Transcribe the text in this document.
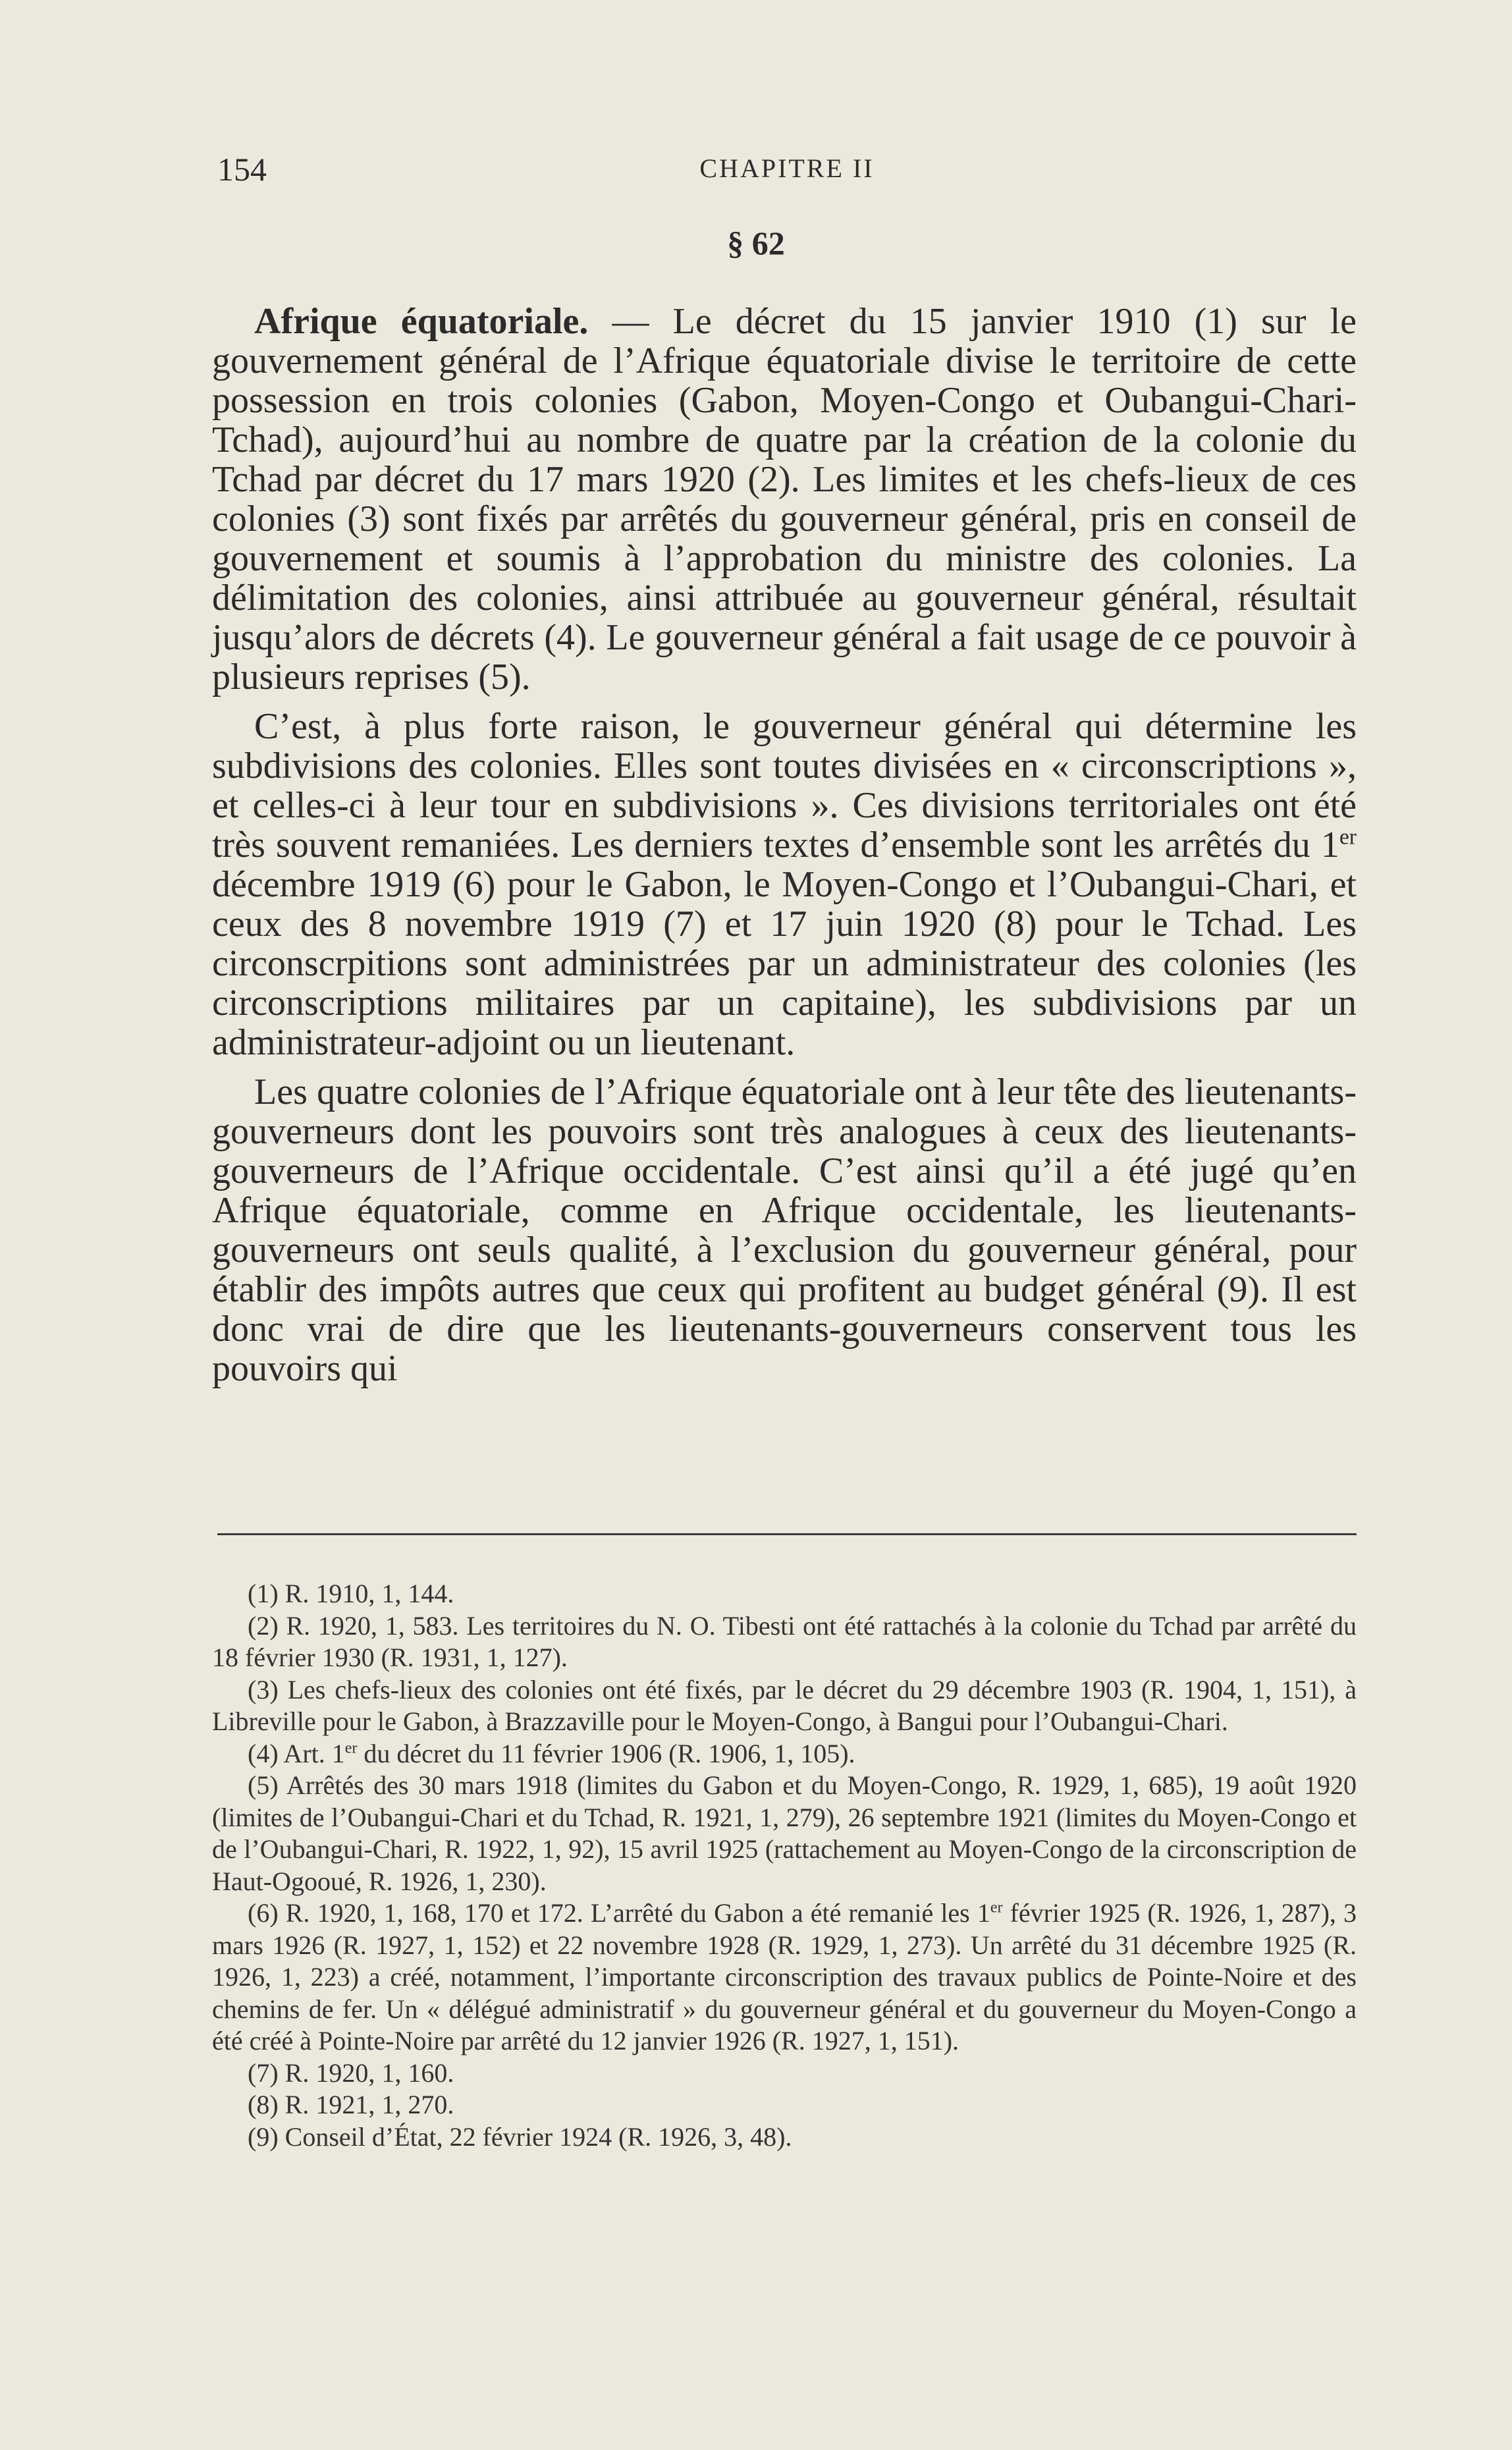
154	CHAPITRE II
§ 62

Afrique équatoriale. — Le décret du 15 janvier 1910 (1) sur le gouvernement général de l’Afrique équatoriale divise le territoire de cette possession en trois colonies (Gabon, Moyen-Congo et Oubangui-Chari-Tchad), aujourd’hui au nombre de quatre par la création de la colonie du Tchad par décret du 17 mars 1920 (2). Les limites et les chefs-lieux de ces colonies (3) sont fixés par arrêtés du gouverneur général, pris en conseil de gouvernement et soumis à l’approbation du ministre des colonies. La délimitation des colonies, ainsi attribuée au gouverneur général, résultait jusqu’alors de décrets (4). Le gouverneur général a fait usage de ce pouvoir à plusieurs reprises (5).

C’est, à plus forte raison, le gouverneur général qui détermine les subdivisions des colonies. Elles sont toutes divisées en « circonscriptions », et celles-ci à leur tour en subdivisions ». Ces divisions territoriales ont été très souvent remaniées. Les derniers textes d’ensemble sont les arrêtés du 1er décembre 1919 (6) pour le Gabon, le Moyen-Congo et l’Oubangui-Chari, et ceux des 8 novembre 1919 (7) et 17 juin 1920 (8) pour le Tchad. Les circonscrpitions sont administrées par un administrateur des colonies (les circonscriptions militaires par un capitaine), les subdivisions par un administrateur-adjoint ou un lieutenant.

Les quatre colonies de l’Afrique équatoriale ont à leur tête des lieutenants-gouverneurs dont les pouvoirs sont très analogues à ceux des lieutenants-gouverneurs de l’Afrique occidentale. C’est ainsi qu’il a été jugé qu’en Afrique équatoriale, comme en Afrique occidentale, les lieutenants-gouverneurs ont seuls qualité, à l’exclusion du gouverneur général, pour établir des impôts autres que ceux qui profitent au budget général (9). Il est donc vrai de dire que les lieutenants-gouverneurs conservent tous les pouvoirs qui

(1) R. 1910, 1, 144.

(2) R. 1920, 1, 583. Les territoires du N. O. Tibesti ont été rattachés à la colonie du Tchad par arrêté du 18 février 1930 (R. 1931, 1, 127).

(3) Les chefs-lieux des colonies ont été fixés, par le décret du 29 décembre 1903 (R. 1904, 1, 151), à Libreville pour le Gabon, à Brazzaville pour le Moyen-Congo, à Bangui pour l’Oubangui-Chari.

(4) Art. 1er du décret du 11 février 1906 (R. 1906, 1, 105).

(5) Arrêtés des 30 mars 1918 (limites du Gabon et du Moyen-Congo, R. 1929, 1, 685), 19 août 1920 (limites de l’Oubangui-Chari et du Tchad, R. 1921, 1, 279), 26 septembre 1921 (limites du Moyen-Congo et de l’Oubangui-Chari, R. 1922, 1, 92), 15 avril 1925 (rattachement au Moyen-Congo de la circonscription de Haut-Ogooué, R. 1926, 1, 230).

(6) R. 1920, 1, 168, 170 et 172. L’arrêté du Gabon a été remanié les 1er février 1925 (R. 1926, 1, 287), 3 mars 1926 (R. 1927, 1, 152) et 22 novembre 1928 (R. 1929, 1, 273). Un arrêté du 31 décembre 1925 (R. 1926, 1, 223) a créé, notamment, l’importante circonscription des travaux publics de Pointe-Noire et des chemins de fer. Un « délégué administratif » du gouverneur général et du gouverneur du Moyen-Congo a été créé à Pointe-Noire par arrêté du 12 janvier 1926 (R. 1927, 1, 151).

(7) R. 1920, 1, 160.

(8) R. 1921, 1, 270.

(9) Conseil d’État, 22 février 1924 (R. 1926, 3, 48).
